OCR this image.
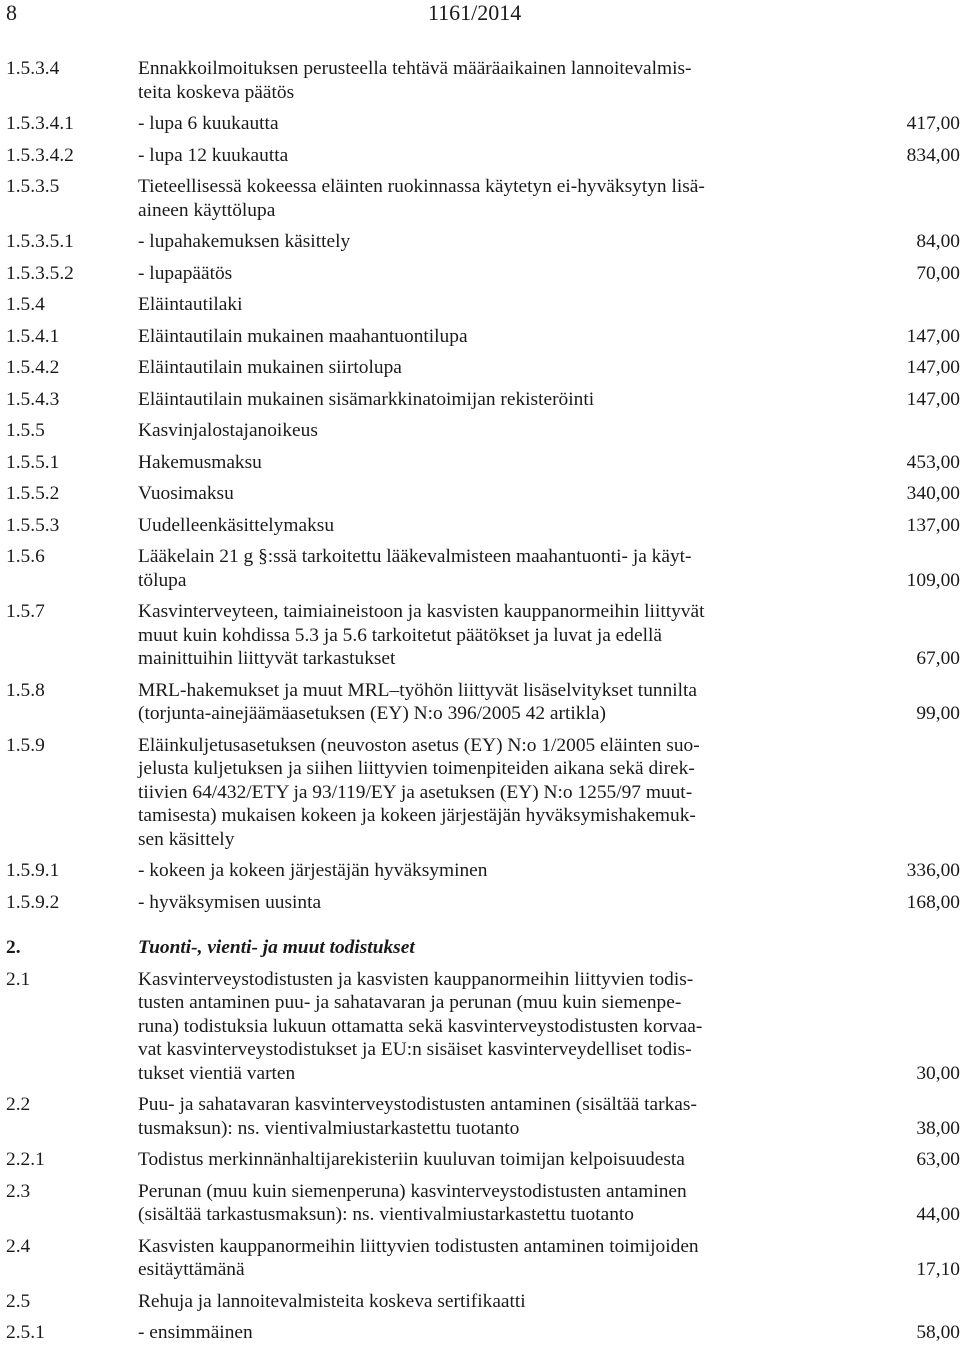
8	1161/2014
1.5.3.4	Ennakkoilmoituksen perusteella tehtävä määräaikainen lannoitevalmis-
teita koskeva päätös
1.5.3.4.1	- lupa 6 kuukautta	417,00
1.5.3.4.2	- lupa 12 kuukautta	834,00
1.5.3.5	Tieteellisessä kokeessa eläinten ruokinnassa käytetyn ei-hyväksytyn lisä-
aineen käyttölupa
1.5.3.5.1	- lupahakemuksen käsittely	84,00
1.5.3.5.2	- lupapäätös	70,00
1.5.4	Eläintautilaki
1.5.4.1	Eläintautilain mukainen maahantuontilupa	147,00
1.5.4.2	Eläintautilain mukainen siirtolupa	147,00
1.5.4.3	Eläintautilain mukainen sisämarkkinatoimijan rekisteröinti	147,00
1.5.5	Kasvinjalostajanoikeus
1.5.5.1	Hakemusmaksu	453,00
1.5.5.2	Vuosimaksu	340,00
1.5.5.3	Uudelleenkäsittelymaksu	137,00
1.5.6	Lääkelain 21 g §:ssä tarkoitettu lääkevalmisteen maahantuonti- ja käyt-
tölupa	109,00
1.5.7	Kasvinterveyteen, taimiaineistoon ja kasvisten kauppanormeihin liittyvät
muut kuin kohdissa 5.3 ja 5.6 tarkoitetut päätökset ja luvat ja edellä
mainittuihin liittyvät tarkastukset	67,00
1.5.8	MRL-hakemukset ja muut MRL–työhön liittyvät lisäselvitykset tunnilta
(torjunta-ainejäämäasetuksen (EY) N:o 396/2005 42 artikla)	99,00
1.5.9	Eläinkuljetusasetuksen (neuvoston asetus (EY) N:o 1/2005 eläinten suo-
jelusta kuljetuksen ja siihen liittyvien toimenpiteiden aikana sekä direk-
tiivien 64/432/ETY ja 93/119/EY ja asetuksen (EY) N:o 1255/97 muut-
tamisesta) mukaisen kokeen ja kokeen järjestäjän hyväksymishakemuk-
sen käsittely
1.5.9.1	- kokeen ja kokeen järjestäjän hyväksyminen	336,00
1.5.9.2	- hyväksymisen uusinta	168,00
2.	Tuonti-, vienti- ja muut todistukset
2.1	Kasvinterveystodistusten ja kasvisten kauppanormeihin liittyvien todis-
tusten antaminen puu- ja sahatavaran ja perunan (muu kuin siemenpe-
runa) todistuksia lukuun ottamatta sekä kasvinterveystodistusten korvaa-
vat kasvinterveystodistukset ja EU:n sisäiset kasvinterveydelliset todis-
tukset vientiä varten	30,00
2.2	Puu- ja sahatavaran kasvinterveystodistusten antaminen (sisältää tarkas-
tusmaksun): ns. vientivalmiustarkastettu tuotanto	38,00
2.2.1	Todistus merkinnänhaltijarekisteriin kuuluvan toimijan kelpoisuudesta	63,00
2.3	Perunan (muu kuin siemenperuna) kasvinterveystodistusten antaminen
(sisältää tarkastusmaksun): ns. vientivalmiustarkastettu tuotanto	44,00
2.4	Kasvisten kauppanormeihin liittyvien todistusten antaminen toimijoiden
esitäyttämänä	17,10
2.5	Rehuja ja lannoitevalmisteita koskeva sertifikaatti
2.5.1	- ensimmäinen	58,00
